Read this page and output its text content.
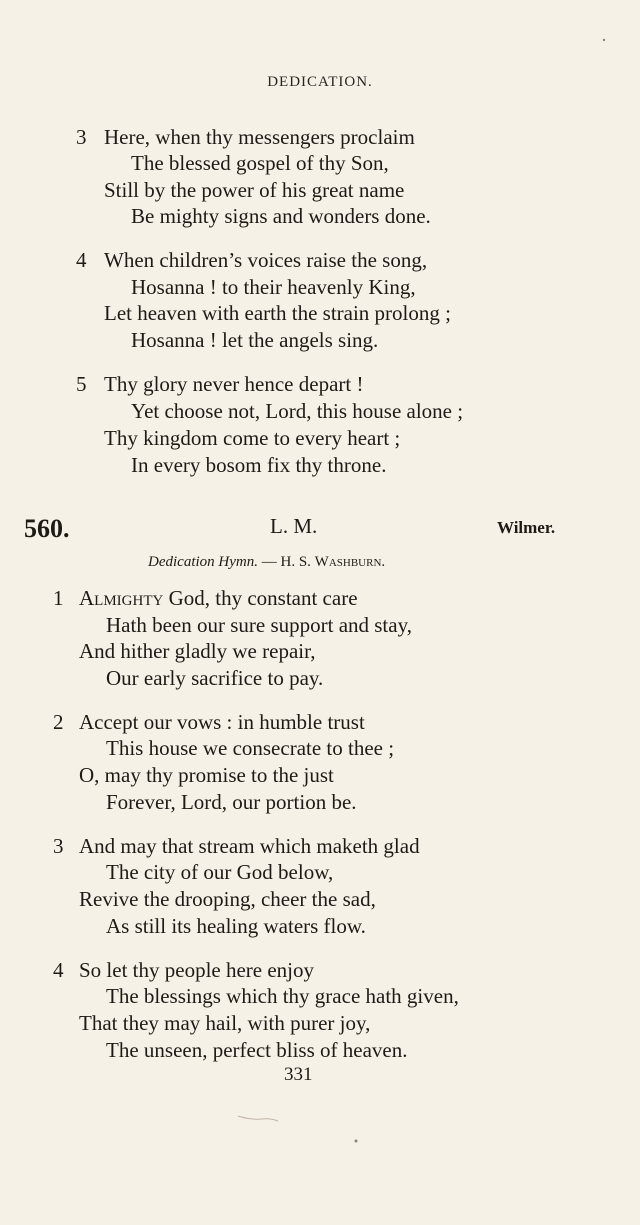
DEDICATION.
3 Here, when thy messengers proclaim
The blessed gospel of thy Son,
Still by the power of his great name
Be mighty signs and wonders done.
4 When children’s voices raise the song,
Hosanna ! to their heavenly King,
Let heaven with earth the strain prolong ;
Hosanna ! let the angels sing.
5 Thy glory never hence depart !
Yet choose not, Lord, this house alone ;
Thy kingdom come to every heart ;
In every bosom fix thy throne.
560.	L. M.	Wilmer.
Dedication Hymn. — H. S. Washburn.
1 Almighty God, thy constant care
Hath been our sure support and stay,
And hither gladly we repair,
Our early sacrifice to pay.
2 Accept our vows : in humble trust
This house we consecrate to thee ;
O, may thy promise to the just
Forever, Lord, our portion be.
3 And may that stream which maketh glad
The city of our God below,
Revive the drooping, cheer the sad,
As still its healing waters flow.
4 So let thy people here enjoy
The blessings which thy grace hath given,
That they may hail, with purer joy,
The unseen, perfect bliss of heaven.
331
